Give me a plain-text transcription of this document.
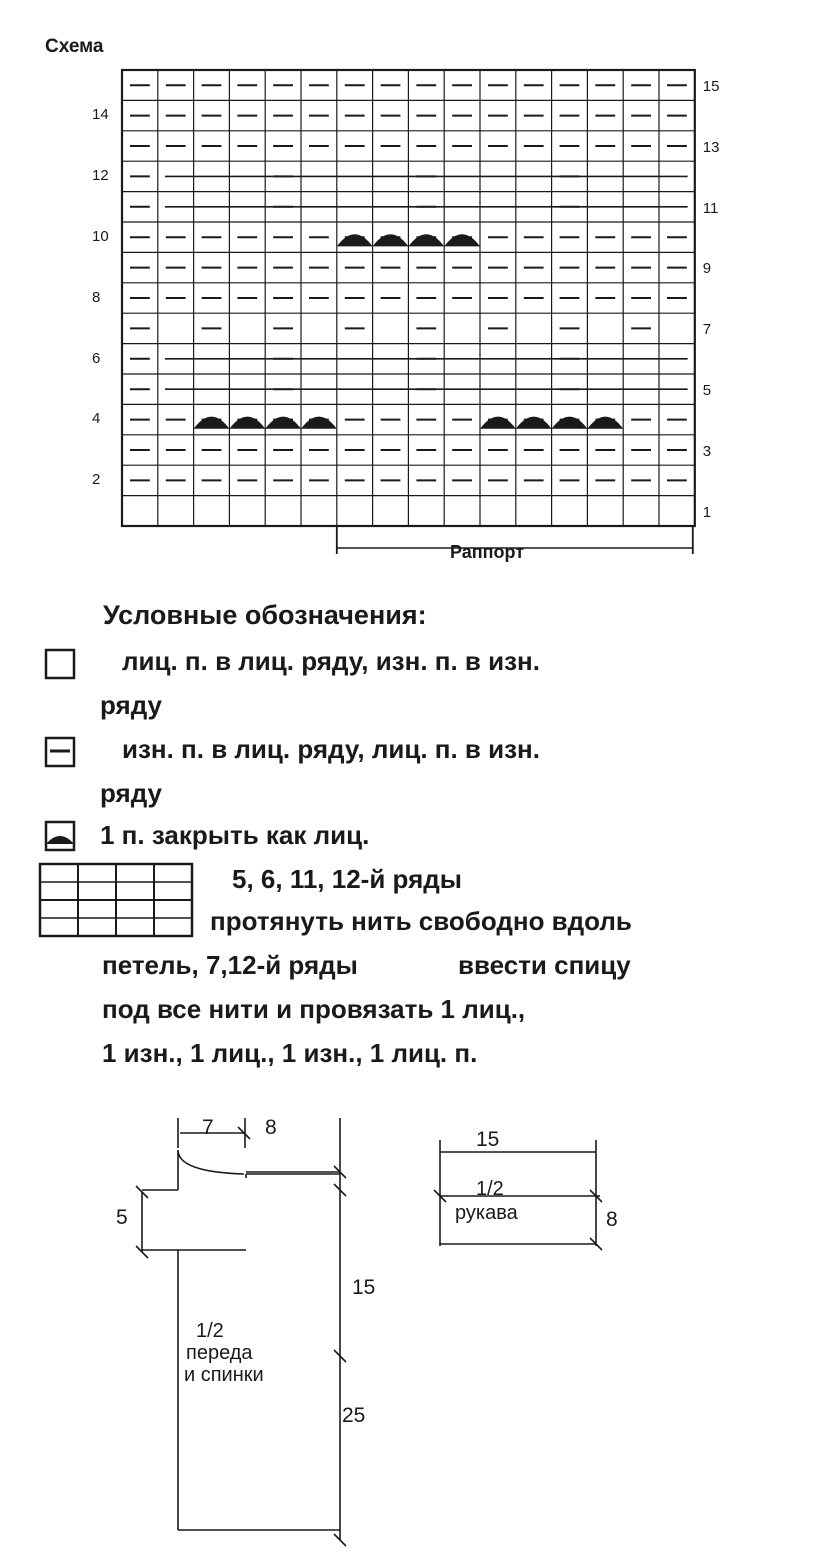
Схема
14
12
10
8
6
4
2
15
13
11
9
7
5
3
1
Раппорт
Условные обозначения:
лиц. п. в лиц. ряду, изн. п. в изн.
ряду
изн. п. в лиц. ряду, лиц. п. в изн.
ряду
1 п. закрыть как лиц.
5, 6, 11, 12-й ряды
протянуть нить свободно вдоль
петель, 7,12-й ряды	ввести спицу
под все нити и провязать 1 лиц.,
1 изн., 1 лиц., 1 изн., 1 лиц. п.
7 8
5
15
25
1/2
переда
и спинки
15
8
1/2
рукава
